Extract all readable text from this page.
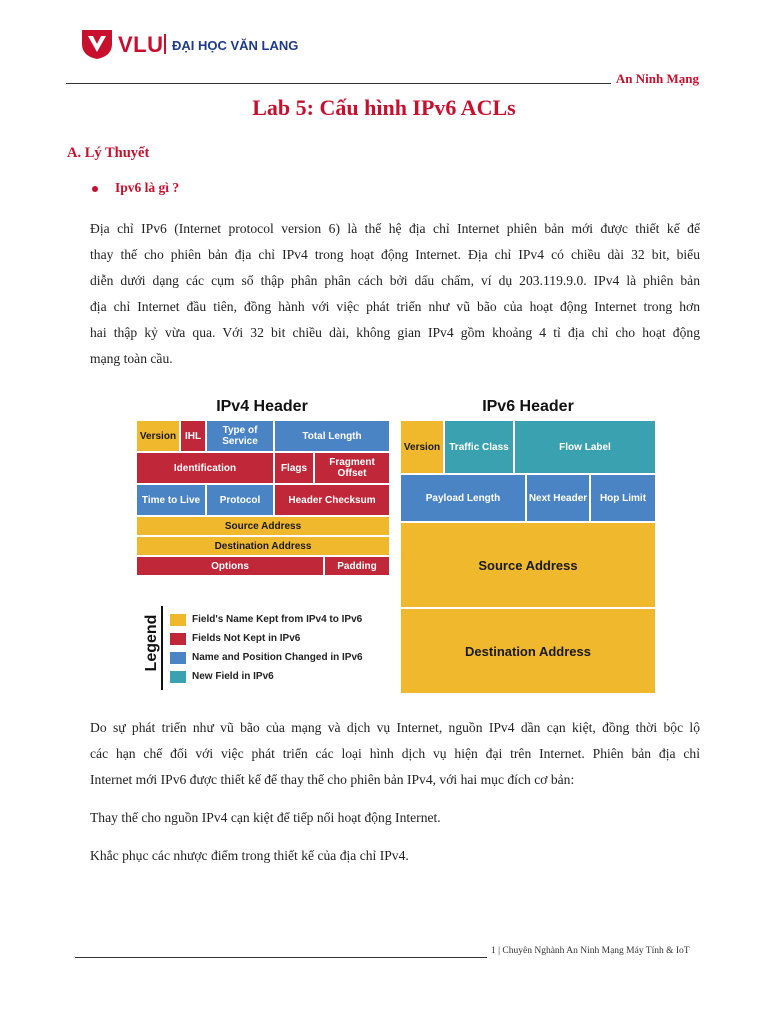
VLU ĐẠI HỌC VĂN LANG
An Ninh Mạng
Lab 5: Cấu hình IPv6 ACLs
A. Lý Thuyết
Ipv6 là gì ?
Địa chỉ IPv6 (Internet protocol version 6) là thế hệ địa chỉ Internet phiên bản mới được thiết kế để
thay thế cho phiên bản địa chỉ IPv4 trong hoạt động Internet. Địa chỉ IPv4 có chiều dài 32 bit, biểu
diễn dưới dạng các cụm số thập phân phân cách bởi dấu chấm, ví dụ 203.119.9.0. IPv4 là phiên bản
địa chỉ Internet đầu tiên, đồng hành với việc phát triển như vũ bão của hoạt động Internet trong hơn
hai thập kỷ vừa qua. Với 32 bit chiều dài, không gian IPv4 gồm khoảng 4 tỉ địa chỉ cho hoạt động
mạng toàn cầu.
IPv4 Header	IPv6 Header
Version IHL	Type of Service	Total Length
Identification	Flags	Fragment Offset
Time to Live	Protocol	Header Checksum
Source Address
Destination Address
Options	Padding
Version Traffic Class	Flow Label
Payload Length	Next Header	Hop Limit
Source Address
Destination Address
Legend	Field's Name Kept from IPv4 to IPv6
Fields Not Kept in IPv6
Name and Position Changed in IPv6
New Field in IPv6
Do sự phát triển như vũ bão của mạng và dịch vụ Internet, nguồn IPv4 dần cạn kiệt, đồng thời bộc lộ
các hạn chế đối với việc phát triển các loại hình dịch vụ hiện đại trên Internet. Phiên bản địa chỉ
Internet mới IPv6 được thiết kế để thay thế cho phiên bản IPv4, với hai mục đích cơ bản:
Thay thế cho nguồn IPv4 cạn kiệt để tiếp nối hoạt động Internet.
Khắc phục các nhược điểm trong thiết kế của địa chỉ IPv4.
1 | Chuyên Nghành An Ninh Mạng Máy Tính & IoT
